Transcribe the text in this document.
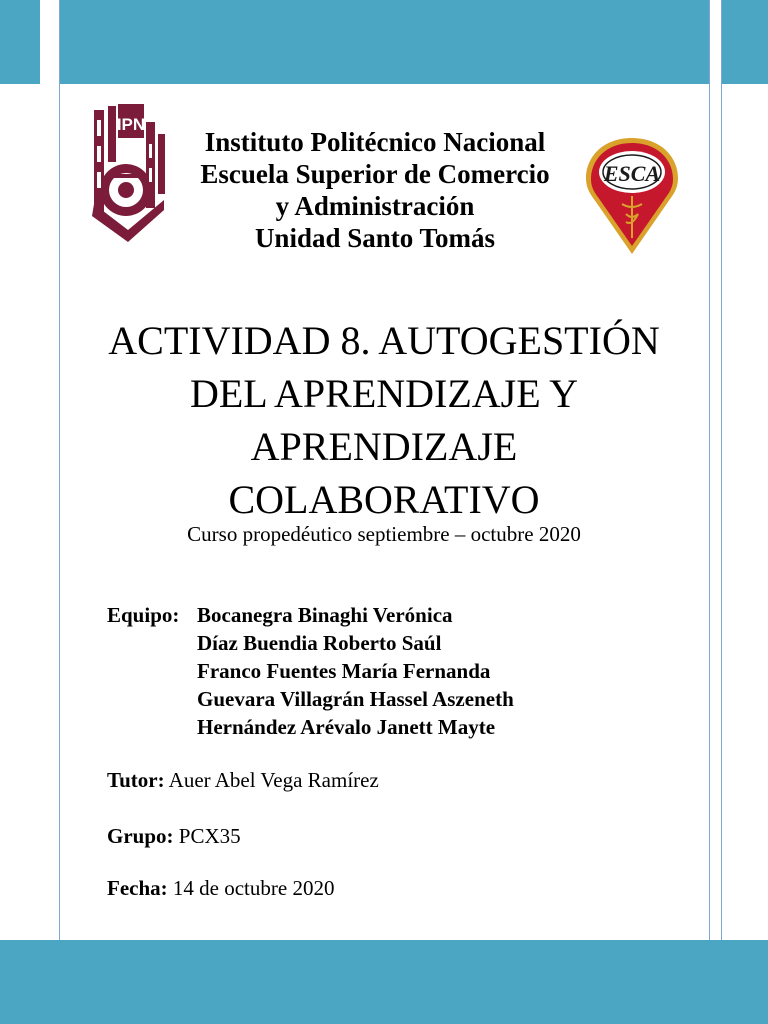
IPN
ESCA
Instituto Politécnico Nacional
Escuela Superior de Comercio
y Administración
Unidad Santo Tomás
ACTIVIDAD 8. AUTOGESTIÓN
DEL APRENDIZAJE Y
APRENDIZAJE
COLABORATIVO
Curso propedéutico septiembre – octubre 2020
Equipo: Bocanegra Binaghi Verónica
Díaz Buendia Roberto Saúl
Franco Fuentes María Fernanda
Guevara Villagrán Hassel Aszeneth
Hernández Arévalo Janett Mayte
Tutor: Auer Abel Vega Ramírez
Grupo: PCX35
Fecha: 14 de octubre 2020
